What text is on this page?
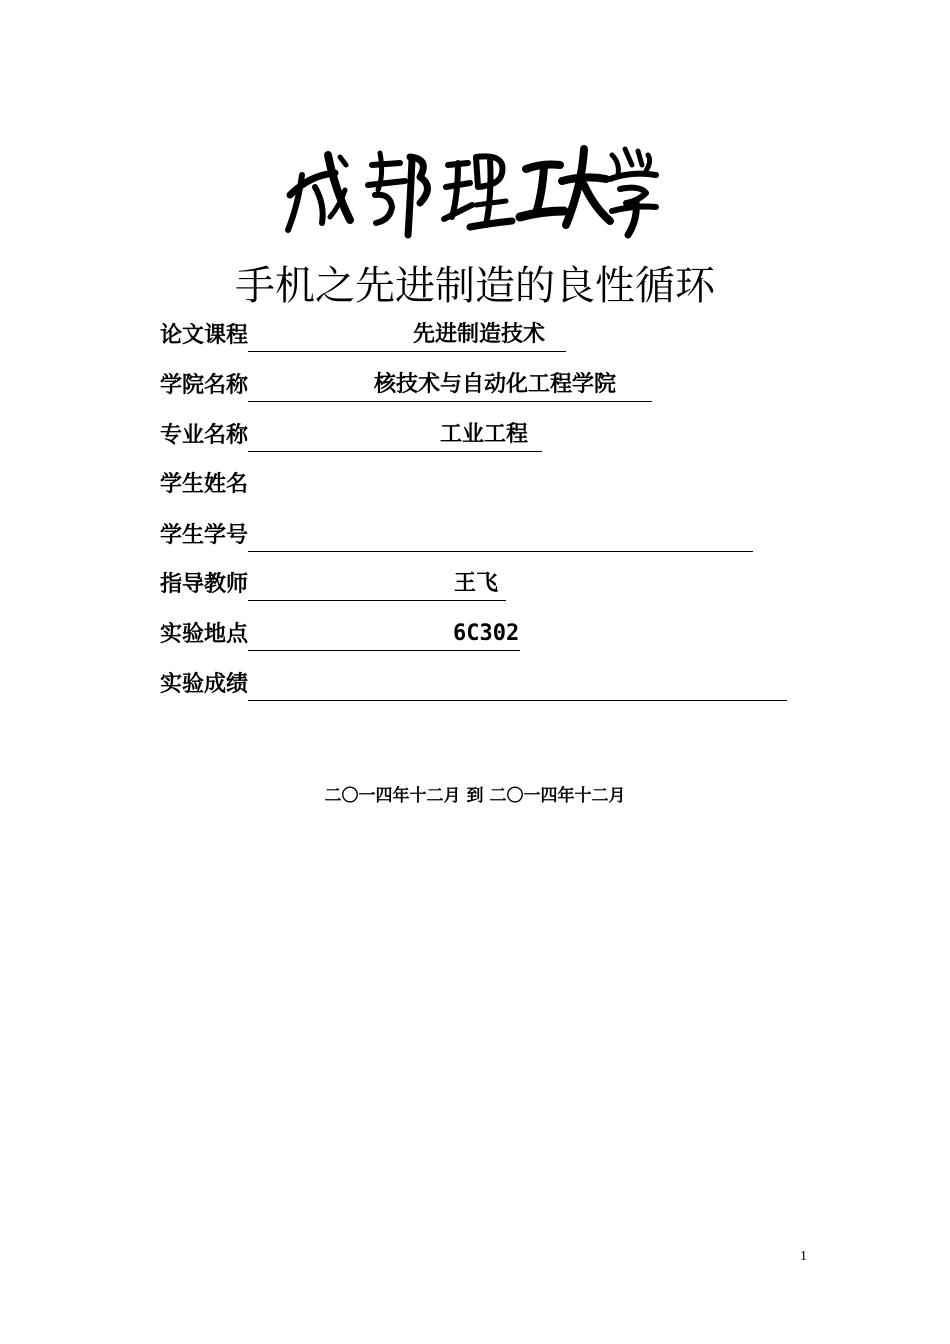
手机之先进制造的良性循环
论文课程	先进制造技术
学院名称	核技术与自动化工程学院
专业名称	工业工程
学生姓名
学生学号
指导教师	王飞
实验地点	6C302
实验成绩
二〇一四年十二月 到 二〇一四年十二月
1
